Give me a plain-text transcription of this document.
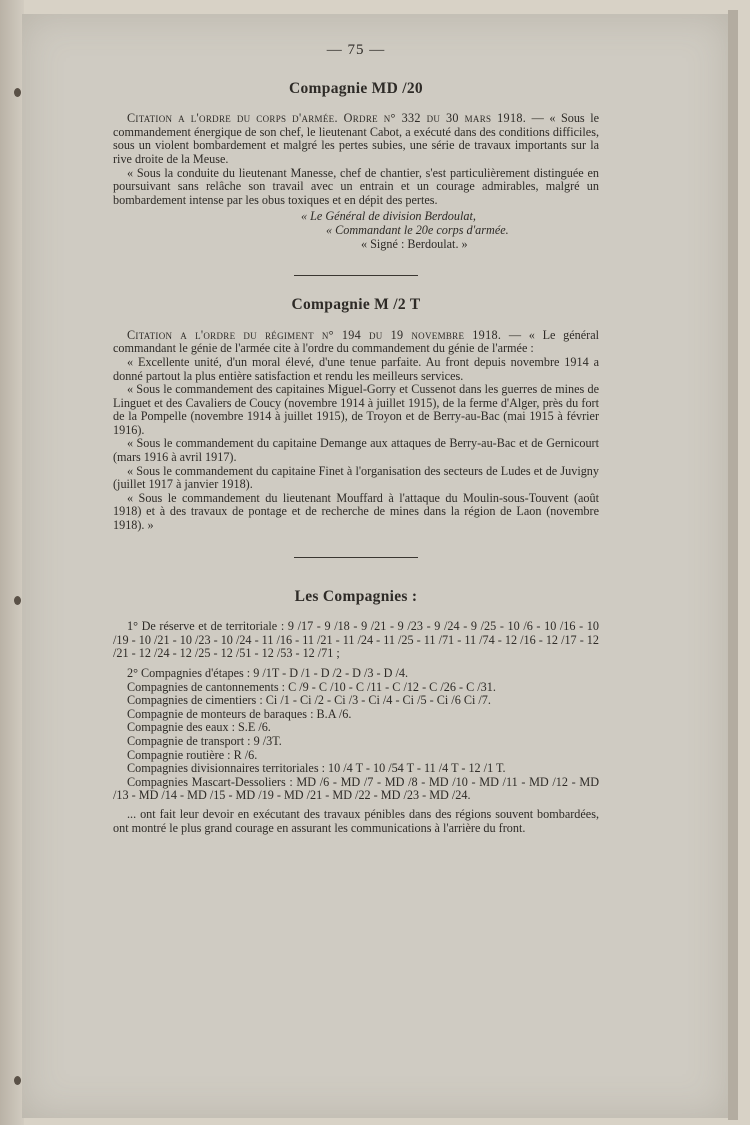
— 75 —
Compagnie MD /20

Citation a l'ordre du corps d'armée. Ordre n° 332 du 30 mars 1918. — « Sous le commandement énergique de son chef, le lieutenant Cabot, a exécuté dans des conditions difficiles, sous un violent bombardement et malgré les pertes subies, une série de travaux importants sur la rive droite de la Meuse.

« Sous la conduite du lieutenant Manesse, chef de chantier, s'est particulièrement distinguée en poursuivant sans relâche son travail avec un entrain et un courage admirables, malgré un bombardement intense par les obus toxiques et en dépit des pertes.

« Le Général de division Berdoulat,
« Commandant le 20e corps d'armée.
« Signé : Berdoulat. »
Compagnie M /2 T

Citation a l'ordre du régiment n° 194 du 19 novembre 1918. — « Le général commandant le génie de l'armée cite à l'ordre du commandement du génie de l'armée :

« Excellente unité, d'un moral élevé, d'une tenue parfaite. Au front depuis novembre 1914 a donné partout la plus entière satisfaction et rendu les meilleurs services.

« Sous le commandement des capitaines Miguel-Gorry et Cussenot dans les guerres de mines de Linguet et des Cavaliers de Coucy (novembre 1914 à juillet 1915), de la ferme d'Alger, près du fort de la Pompelle (novembre 1914 à juillet 1915), de Troyon et de Berry-au-Bac (mai 1915 à février 1916).

« Sous le commandement du capitaine Demange aux attaques de Berry-au-Bac et de Gernicourt (mars 1916 à avril 1917).

« Sous le commandement du capitaine Finet à l'organisation des secteurs de Ludes et de Juvigny (juillet 1917 à janvier 1918).

« Sous le commandement du lieutenant Mouffard à l'attaque du Moulin-sous-Touvent (août 1918) et à des travaux de pontage et de recherche de mines dans la région de Laon (novembre 1918). »

Les Compagnies :

1° De réserve et de territoriale : 9 /17 - 9 /18 - 9 /21 - 9 /23 - 9 /24 - 9 /25 - 10 /6 - 10 /16 - 10 /19 - 10 /21 - 10 /23 - 10 /24 - 11 /16 - 11 /21 - 11 /24 - 11 /25 - 11 /71 - 11 /74 - 12 /16 - 12 /17 - 12 /21 - 12 /24 - 12 /25 - 12 /51 - 12 /53 - 12 /71 ;

2° Compagnies d'étapes : 9 /1T - D /1 - D /2 - D /3 - D /4.

Compagnies de cantonnements : C /9 - C /10 - C /11 - C /12 - C /26 - C /31.

Compagnies de cimentiers : Ci /1 - Ci /2 - Ci /3 - Ci /4 - Ci /5 - Ci /6 Ci /7.

Compagnie de monteurs de baraques : B.A /6.

Compagnie des eaux : S.E /6.

Compagnie de transport : 9 /3T.

Compagnie routière : R /6.

Compagnies divisionnaires territoriales : 10 /4 T - 10 /54 T - 11 /4 T - 12 /1 T.

Compagnies Mascart-Dessoliers : MD /6 - MD /7 - MD /8 - MD /10 - MD /11 - MD /12 - MD /13 - MD /14 - MD /15 - MD /19 - MD /21 - MD /22 - MD /23 - MD /24.

... ont fait leur devoir en exécutant des travaux pénibles dans des régions souvent bombardées, ont montré le plus grand courage en assurant les communications à l'arrière du front.
